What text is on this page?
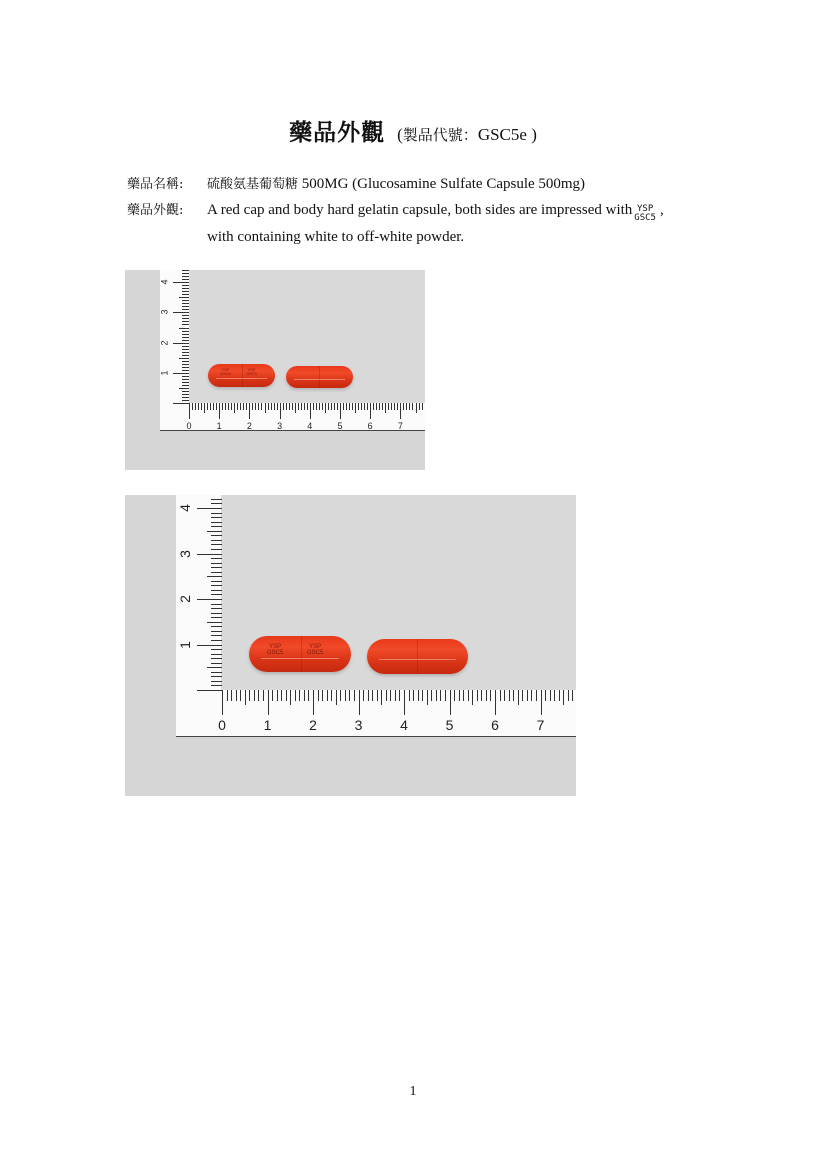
藥品外觀 (製品代號：GSC5e )
藥品名稱: 硫酸氨基葡萄糖 500MG (Glucosamine Sulfate Capsule 500mg)
藥品外觀: A red cap and body hard gelatin capsule, both sides are impressed with YSP
GSC5 ,
with containing white to off-white powder.
0	1	2	3	4	5	6	7
1
2
3
4
YSP
GSC5
YSP
GSC5
0	1	2	3	4	5	6	7
1
2
3
4
YSP
GSC5
YSP
GSC5
1
